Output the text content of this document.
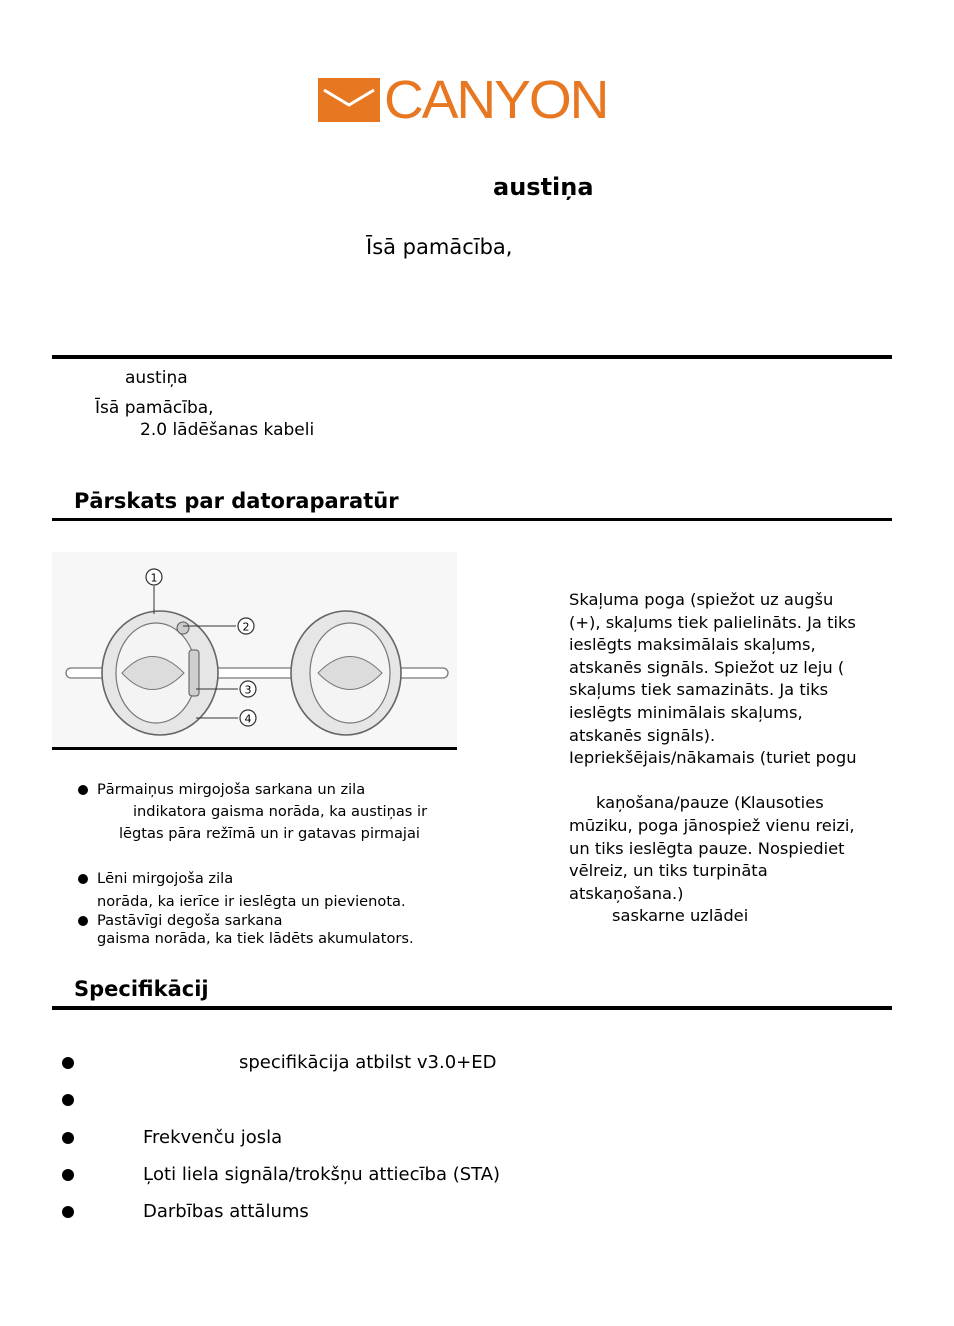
CANYON
austiņa
Īsā pamācība,
austiņa
Īsā pamācība,
2.0 lādēšanas kabeli
Pārskats par datoraparatūr
1
2
3
4
Pārmaiņus mirgojoša sarkana un zila
indikatora gaisma norāda, ka austiņas ir
lēgtas pāra režīmā un ir gatavas pirmajai
Lēni mirgojoša zila
norāda, ka ierīce ir ieslēgta un pievienota.
Pastāvīgi degoša sarkana
gaisma norāda, ka tiek lādēts akumulators.
Skaļuma poga (spiežot uz augšu
(+), skaļums tiek palielināts. Ja tiks
ieslēgts maksimālais skaļums,
atskanēs signāls. Spiežot uz leju (
skaļums tiek samazināts. Ja tiks
ieslēgts minimālais skaļums,
atskanēs signāls).
Iepriekšējais/nākamais (turiet pogu
kaņošana/pauze (Klausoties
mūziku, poga jānospiež vienu reizi,
un tiks ieslēgta pauze. Nospiediet
vēlreiz, un tiks turpināta
atskaņošana.)
saskarne uzlādei
Specifikācij
specifikācija atbilst v3.0+ED
Frekvenču josla
Ļoti liela signāla/trokšņu attiecība (STA)
Darbības attālums
